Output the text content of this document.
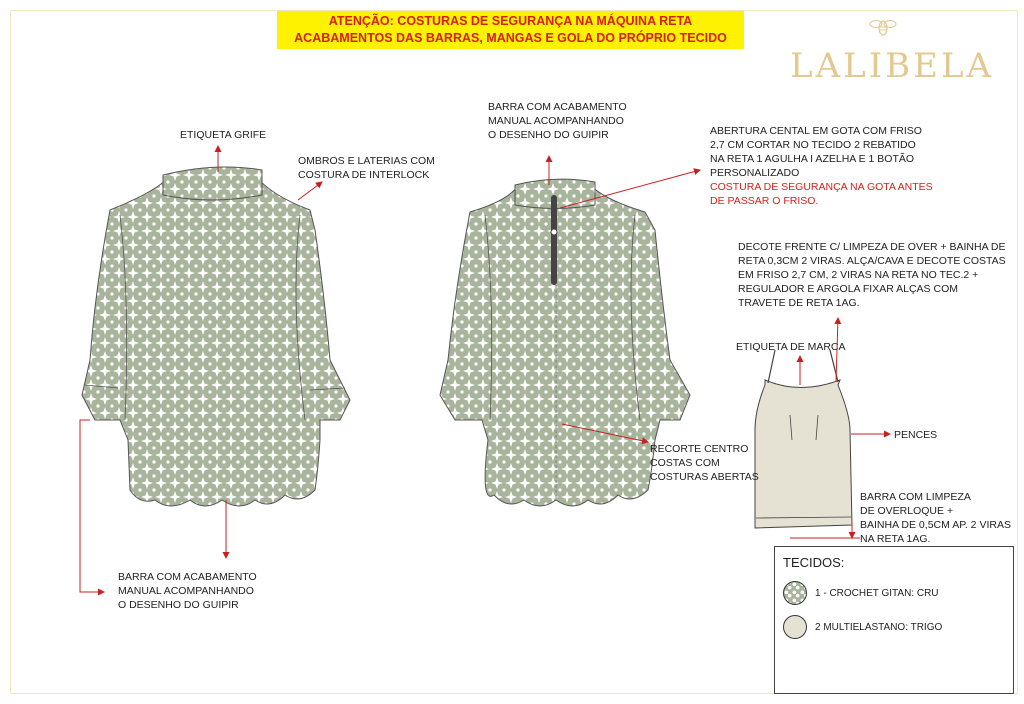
ATENÇÃO: COSTURAS DE SEGURANÇA NA MÁQUINA RETA
ACABAMENTOS DAS BARRAS, MANGAS E GOLA DO PRÓPRIO TECIDO
LALIBELA
ETIQUETA GRIFE
OMBROS E LATERIAS COM
COSTURA DE INTERLOCK
BARRA COM ACABAMENTO
MANUAL ACOMPANHANDO
O DESENHO DO GUIPIR
BARRA COM ACABAMENTO
MANUAL ACOMPANHANDO
O DESENHO DO GUIPIR	ABERTURA CENTAL EM GOTA COM FRISO
2,7 CM CORTAR NO TECIDO 2 REBATIDO
NA RETA 1 AGULHA I AZELHA E 1 BOTÃO
PERSONALIZADO
COSTURA DE SEGURANÇA NA GOTA ANTES
DE PASSAR O FRISO.
DECOTE FRENTE C/ LIMPEZA DE OVER + BAINHA DE
RETA 0,3CM 2 VIRAS. ALÇA/CAVA E DECOTE COSTAS
EM FRISO 2,7 CM, 2 VIRAS NA RETA NO TEC.2 +
REGULADOR E ARGOLA FIXAR ALÇAS COM
TRAVETE DE RETA 1AG.
ETIQUETA DE MARCA
PENCES
RECORTE CENTRO
COSTAS COM
COSTURAS ABERTAS
BARRA COM LIMPEZA
DE OVERLOQUE +
BAINHA DE 0,5CM AP. 2 VIRAS
NA RETA 1AG.
TECIDOS:
1 - CROCHET GITAN: CRU
2 MULTIELASTANO: TRIGO
